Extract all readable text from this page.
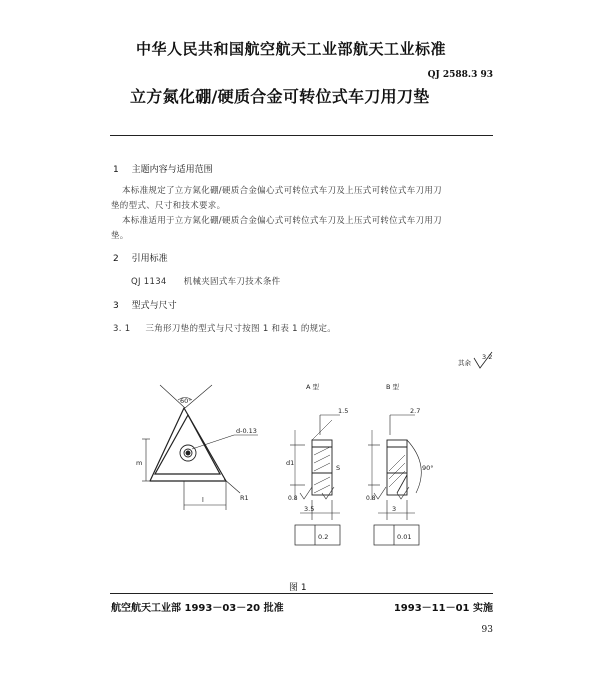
中华人民共和国航空航天工业部航天工业标准
QJ 2588.3 93
立方氮化硼/硬质合金可转位式车刀用刀垫
1 主题内容与适用范围
本标准规定了立方氮化硼/硬质合金偏心式可转位式车刀及上压式可转位式车刀用刀
垫的型式、尺寸和技术要求。
本标准适用于立方氮化硼/硬质合金偏心式可转位式车刀及上压式可转位式车刀用刀
垫。
2 引用标准
QJ 1134 机械夹固式车刀技术条件
3 型式与尺寸
3. 1 三角形刀垫的型式与尺寸按图 1 和表 1 的规定。
其余
3.2
60°
d-0.13
m
l	R1
A 型	B 型
1.5	2.7
S
d1
3.5	3
90°
0.2	0.01
0.8	0.8
图 1
航空航天工业部 1993－03－20 批准	1993－11－01 实施
93
